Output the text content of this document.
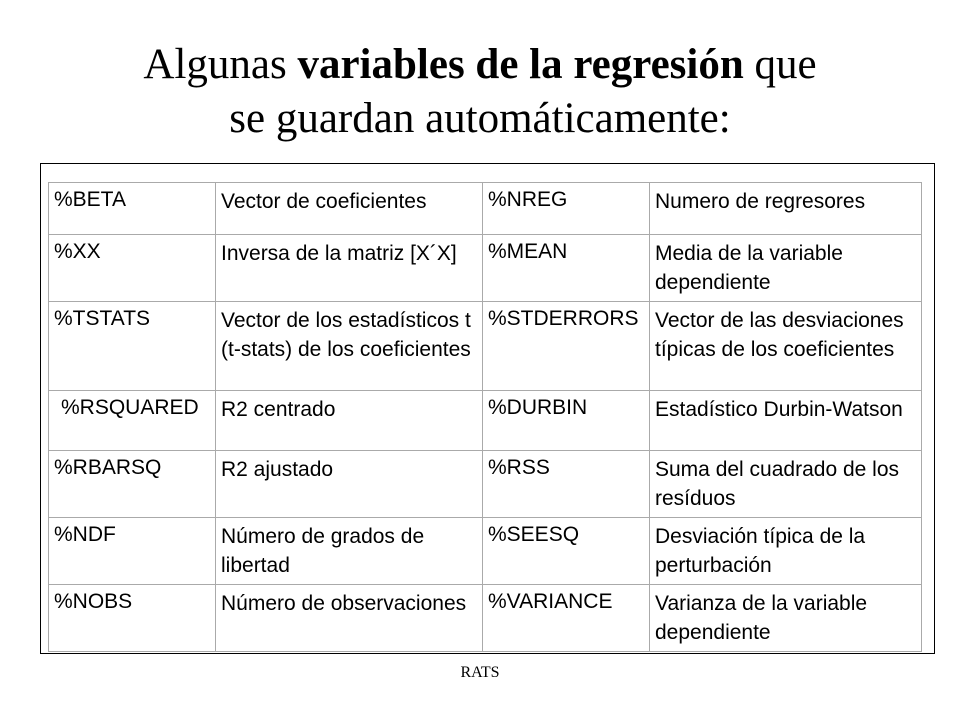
Algunas variables de la regresión que
se guardan automáticamente:
%BETA	Vector de coeficientes	%NREG	Numero de regresores
%XX	Inversa de la matriz [X´X]	%MEAN	Media de la variable dependiente
%TSTATS	Vector de los estadísticos t (t-stats) de los coeficientes	%STDERRORS	Vector de las desviaciones típicas de los coeficientes
%RSQUARED	R2 centrado	%DURBIN	Estadístico Durbin-Watson
%RBARSQ	R2 ajustado	%RSS	Suma del cuadrado de los resíduos
%NDF	Número de grados de libertad	%SEESQ	Desviación típica de la perturbación
%NOBS	Número de observaciones	%VARIANCE	Varianza de la variable dependiente
RATS
